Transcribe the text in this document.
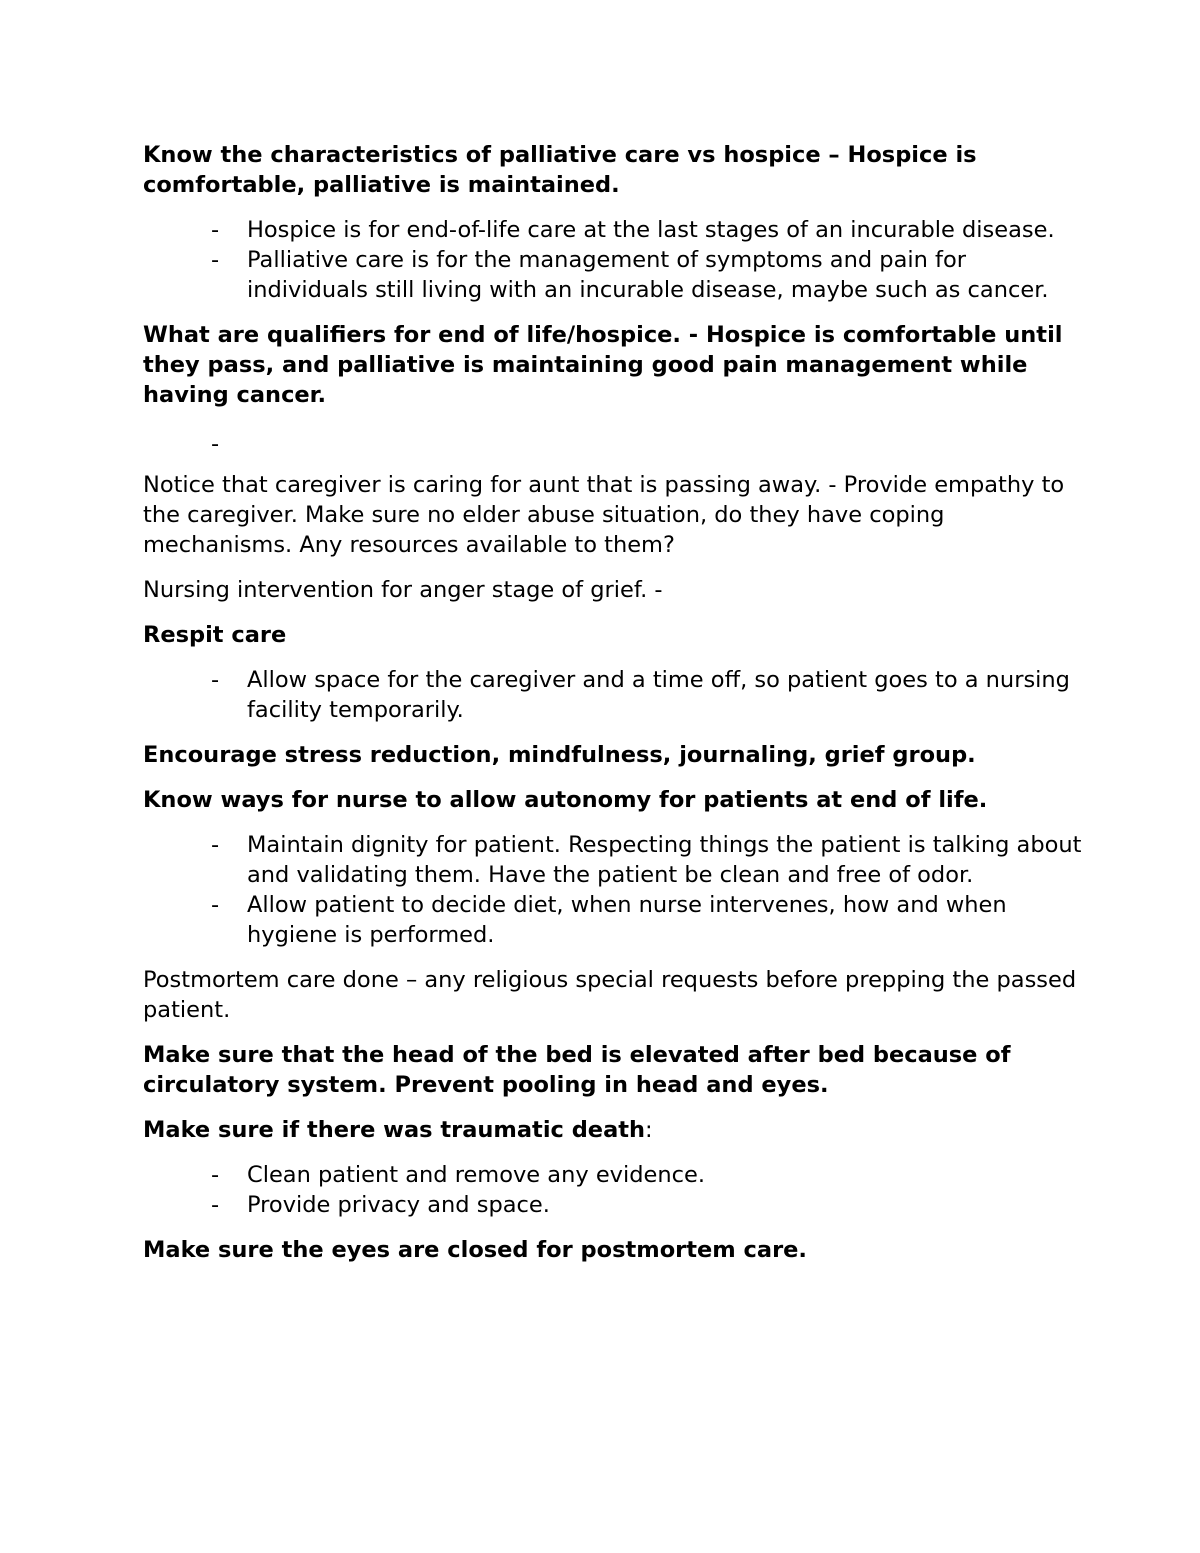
Know the characteristics of palliative care vs hospice – Hospice is comfortable, palliative is maintained.

- Hospice is for end-of-life care at the last stages of an incurable disease.
- Palliative care is for the management of symptoms and pain for individuals still living with an incurable disease, maybe such as cancer.

What are qualifiers for end of life/hospice. - Hospice is comfortable until they pass, and palliative is maintaining good pain management while having cancer.

-

Notice that caregiver is caring for aunt that is passing away. - Provide empathy to the caregiver. Make sure no elder abuse situation, do they have coping mechanisms. Any resources available to them?

Nursing intervention for anger stage of grief. -

Respit care

- Allow space for the caregiver and a time off, so patient goes to a nursing facility temporarily.

Encourage stress reduction, mindfulness, journaling, grief group.

Know ways for nurse to allow autonomy for patients at end of life.

- Maintain dignity for patient. Respecting things the patient is talking about and validating them. Have the patient be clean and free of odor.
- Allow patient to decide diet, when nurse intervenes, how and when hygiene is performed.

Postmortem care done – any religious special requests before prepping the passed patient.

Make sure that the head of the bed is elevated after bed because of circulatory system. Prevent pooling in head and eyes.

Make sure if there was traumatic death:

- Clean patient and remove any evidence.
- Provide privacy and space.

Make sure the eyes are closed for postmortem care.
